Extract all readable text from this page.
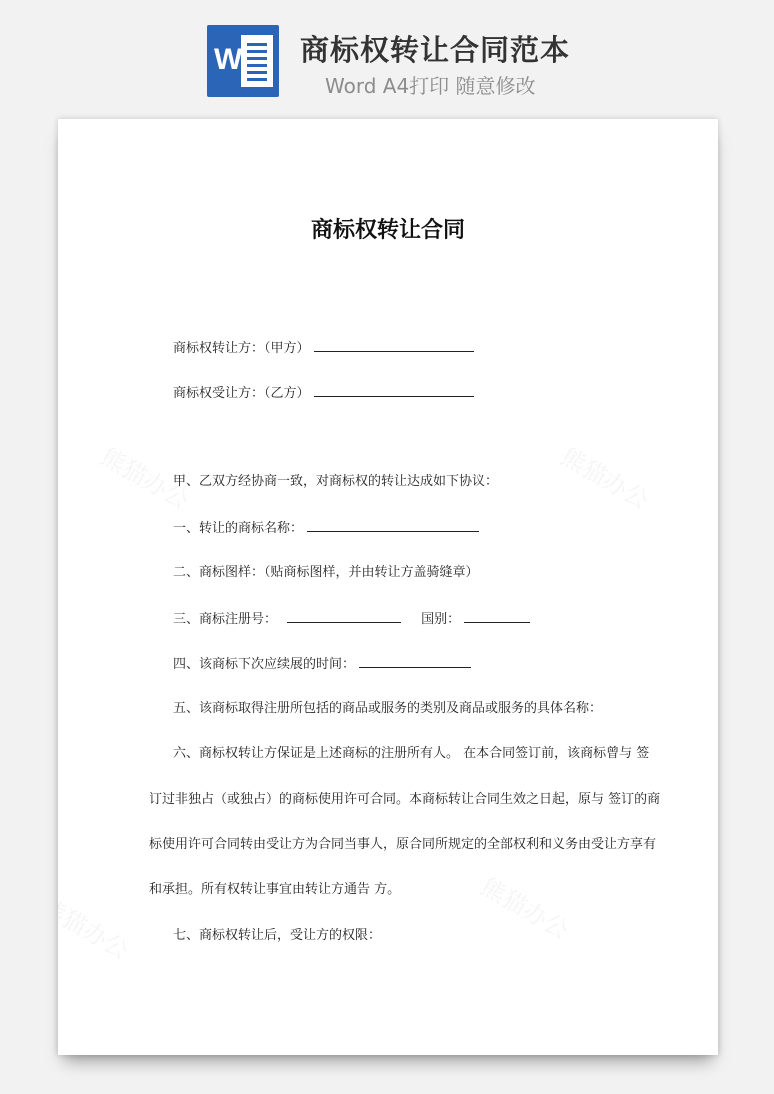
W 商标权转让合同范本
Word A4打印 随意修改
商标权转让合同
商标权转让方：（甲方）
商标权受让方：（乙方）
甲、乙双方经协商一致，对商标权的转让达成如下协议：
一、转让的商标名称：
二、商标图样：（贴商标图样，并由转让方盖骑缝章）
三、商标注册号：	国别：
四、该商标下次应续展的时间：
五、该商标取得注册所包括的商品或服务的类别及商品或服务的具体名称：
六、商标权转让方保证是上述商标的注册所有人。 在本合同签订前，该商标曾与 签
订过非独占（或独占）的商标使用许可合同。本商标转让合同生效之日起，原与 签订的商
标使用许可合同转由受让方为合同当事人，原合同所规定的全部权利和义务由受让方享有
和承担。所有权转让事宜由转让方通告 方。
七、商标权转让后，受让方的权限：
